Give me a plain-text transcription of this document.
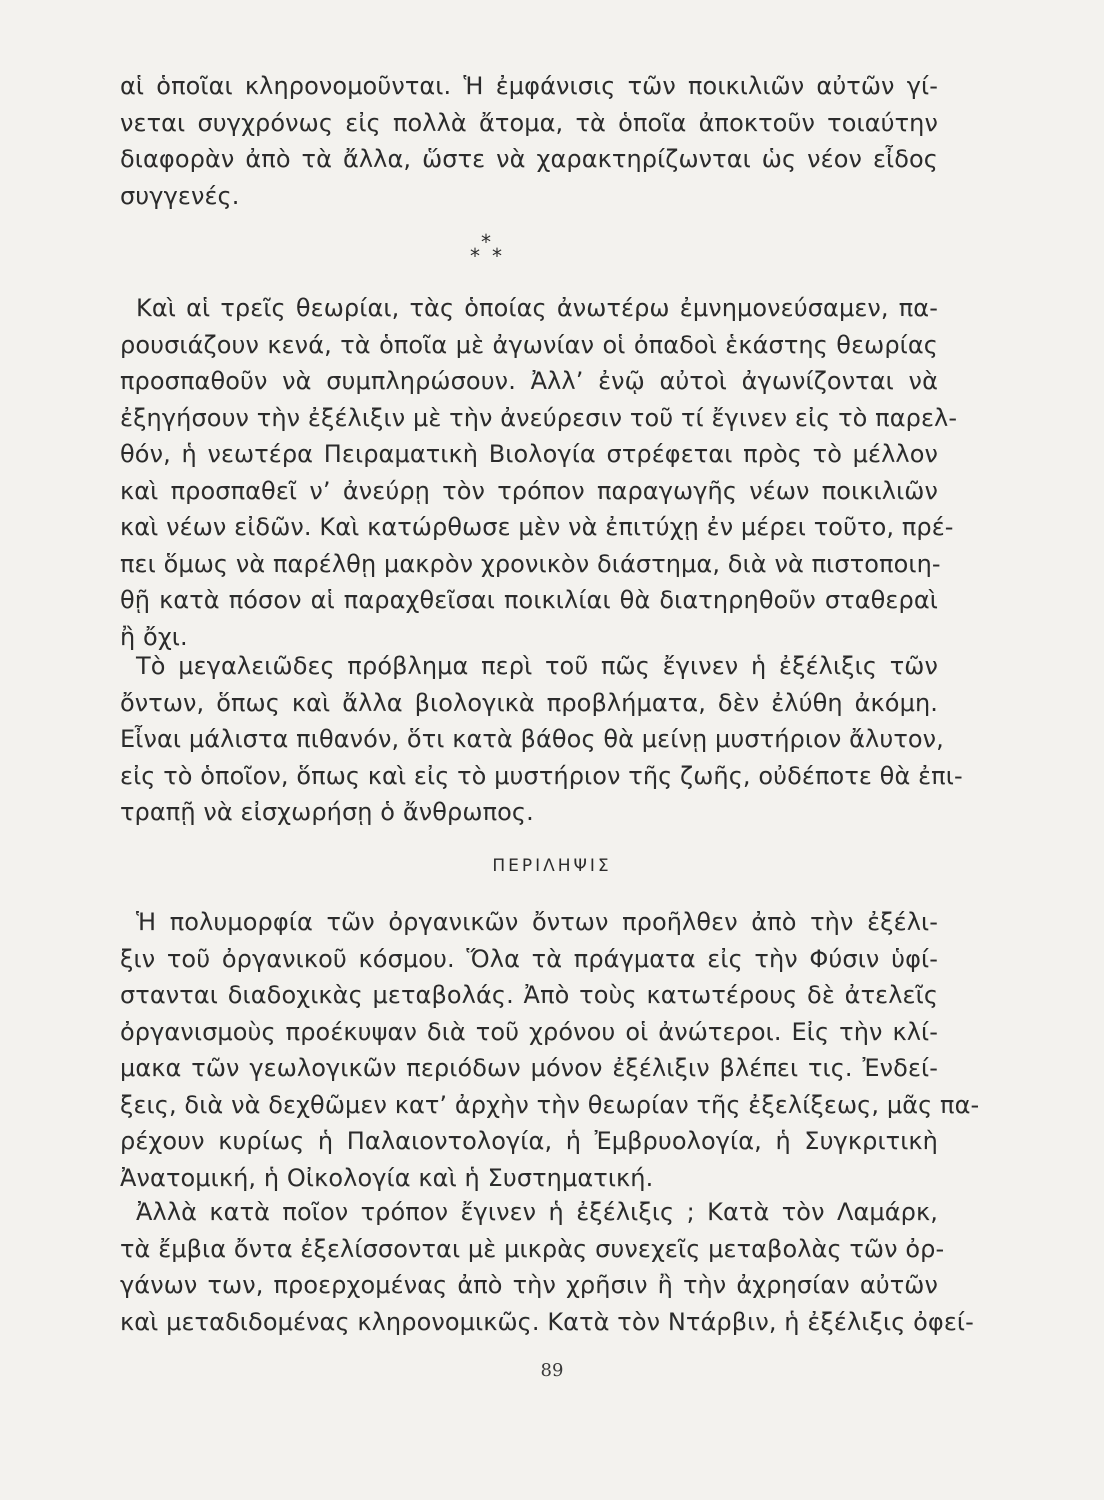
αἱ ὁποῖαι κληρονομοῦνται. Ἡ ἐμφάνισις τῶν ποικιλιῶν αὐτῶν γί-
νεται συγχρόνως εἰς πολλὰ ἄτομα, τὰ ὁποῖα ἀποκτοῦν τοιαύτην
διαφορὰν ἀπὸ τὰ ἄλλα, ὥστε νὰ χαρακτηρίζωνται ὡς νέον εἶδος
συγγενές.
*
*
*
Καὶ αἱ τρεῖς θεωρίαι, τὰς ὁποίας ἀνωτέρω ἐμνημονεύσαμεν, πα-
ρουσιάζουν κενά, τὰ ὁποῖα μὲ ἀγωνίαν οἱ ὀπαδοὶ ἑκάστης θεωρίας
προσπαθοῦν νὰ συμπληρώσουν. Ἀλλ’ ἐνῷ αὐτοὶ ἀγωνίζονται νὰ
ἐξηγήσουν τὴν ἐξέλιξιν μὲ τὴν ἀνεύρεσιν τοῦ τί ἔγινεν εἰς τὸ παρελ-
θόν, ἡ νεωτέρα Πειραματικὴ Βιολογία στρέφεται πρὸς τὸ μέλλον
καὶ προσπαθεῖ ν’ ἀνεύρῃ τὸν τρόπον παραγωγῆς νέων ποικιλιῶν
καὶ νέων εἰδῶν. Καὶ κατώρθωσε μὲν νὰ ἐπιτύχῃ ἐν μέρει τοῦτο, πρέ-
πει ὅμως νὰ παρέλθῃ μακρὸν χρονικὸν διάστημα, διὰ νὰ πιστοποιη-
θῇ κατὰ πόσον αἱ παραχθεῖσαι ποικιλίαι θὰ διατηρηθοῦν σταθεραὶ
ἢ ὄχι.
Τὸ μεγαλειῶδες πρόβλημα περὶ τοῦ πῶς ἔγινεν ἡ ἐξέλιξις τῶν
ὄντων, ὅπως καὶ ἄλλα βιολογικὰ προβλήματα, δὲν ἐλύθη ἀκόμη.
Εἶναι μάλιστα πιθανόν, ὅτι κατὰ βάθος θὰ μείνῃ μυστήριον ἄλυτον,
εἰς τὸ ὁποῖον, ὅπως καὶ εἰς τὸ μυστήριον τῆς ζωῆς, οὐδέποτε θὰ ἐπι-
τραπῇ νὰ εἰσχωρήσῃ ὁ ἄνθρωπος.
ΠΕΡΙΛΗΨΙΣ
Ἡ πολυμορφία τῶν ὀργανικῶν ὄντων προῆλθεν ἀπὸ τὴν ἐξέλι-
ξιν τοῦ ὀργανικοῦ κόσμου. Ὅλα τὰ πράγματα εἰς τὴν Φύσιν ὑφί-
στανται διαδοχικὰς μεταβολάς. Ἀπὸ τοὺς κατωτέρους δὲ ἀτελεῖς
ὀργανισμοὺς προέκυψαν διὰ τοῦ χρόνου οἱ ἀνώτεροι. Εἰς τὴν κλί-
μακα τῶν γεωλογικῶν περιόδων μόνον ἐξέλιξιν βλέπει τις. Ἐνδεί-
ξεις, διὰ νὰ δεχθῶμεν κατ’ ἀρχὴν τὴν θεωρίαν τῆς ἐξελίξεως, μᾶς πα-
ρέχουν κυρίως ἡ Παλαιοντολογία, ἡ Ἐμβρυολογία, ἡ Συγκριτικὴ
Ἀνατομική, ἡ Οἰκολογία καὶ ἡ Συστηματική.
Ἀλλὰ κατὰ ποῖον τρόπον ἔγινεν ἡ ἐξέλιξις ; Κατὰ τὸν Λαμάρκ,
τὰ ἔμβια ὄντα ἐξελίσσονται μὲ μικρὰς συνεχεῖς μεταβολὰς τῶν ὀρ-
γάνων των, προερχομένας ἀπὸ τὴν χρῆσιν ἢ τὴν ἀχρησίαν αὐτῶν
καὶ μεταδιδομένας κληρονομικῶς. Κατὰ τὸν Ντάρβιν, ἡ ἐξέλιξις ὀφεί-
89
